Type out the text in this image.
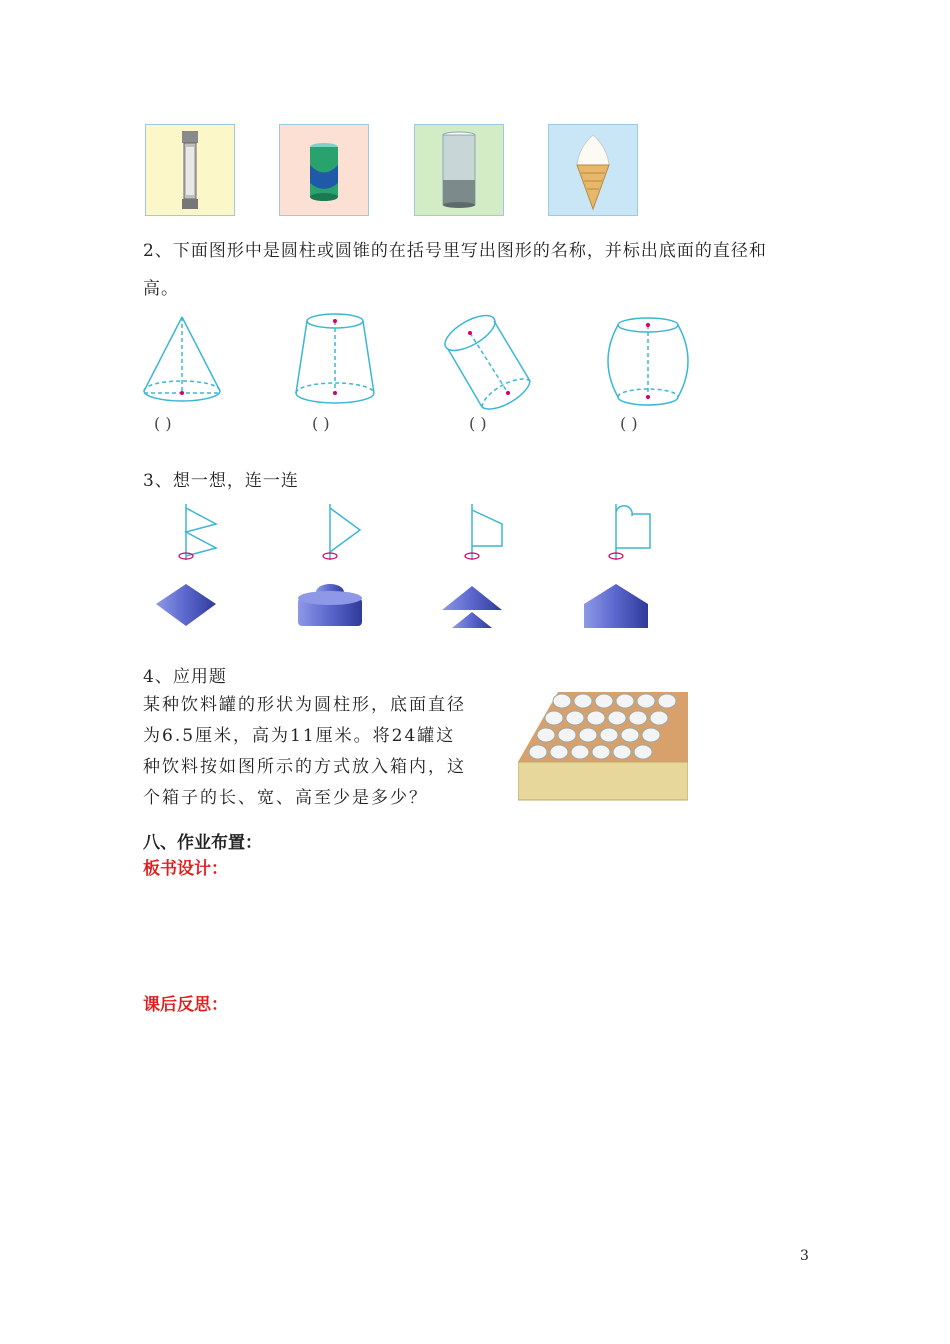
2、下面图形中是圆柱或圆锥的在括号里写出图形的名称，并标出底面的直径和
高。
( )	( )	( )	( )
3、想一想，连一连
4、应用题
某种饮料罐的形状为圆柱形，底面直径
为6.5厘米，高为11厘米。将24罐这
种饮料按如图所示的方式放入箱内，这
个箱子的长、宽、高至少是多少？
八、作业布置：
板书设计：
课后反思：
3
